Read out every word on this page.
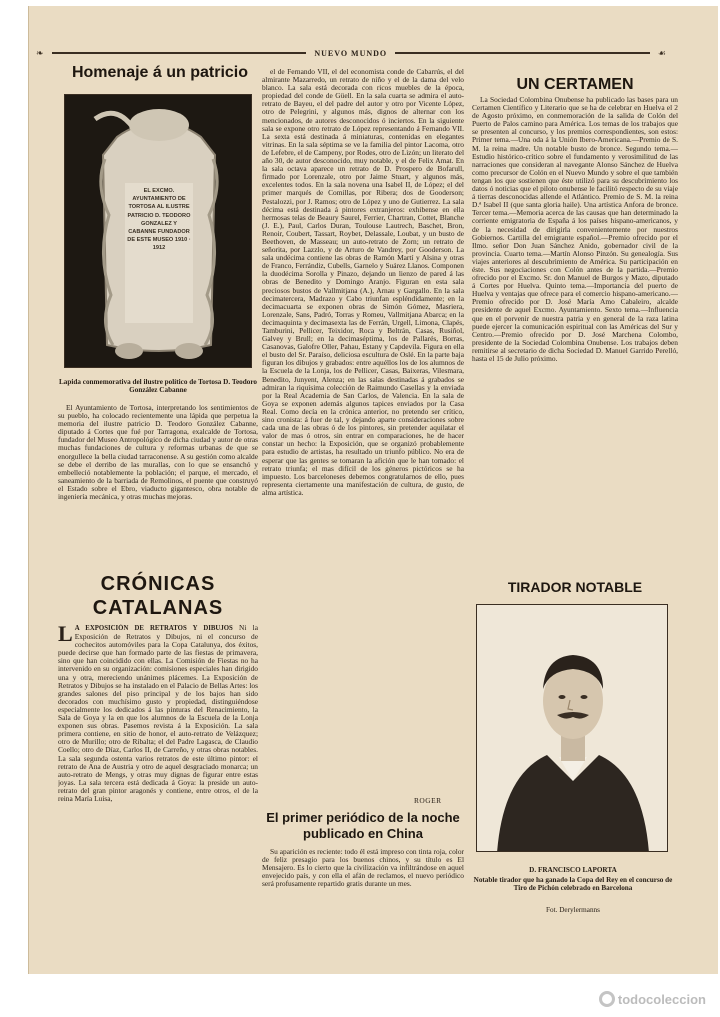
❧	NUEVO MUNDO	☙
Homenaje á un patricio
EL EXCMO. AYUNTAMIENTO DE TORTOSA AL ILUSTRE PATRICIO D. TEODORO GONZALEZ Y CABANNE FUNDADOR DE ESTE MUSEO 1910 · 1912
Lapida conmemorativa del ilustre político de Tortosa D. Teodoro González Cabanne

El Ayuntamiento de Tortosa, interpretando los sentimientos de su pueblo, ha colocado recientemente una lápida que perpetua la memoria del ilustre patricio D. Teodoro González Cabanne, diputado á Cortes que fué por Tarragona, exalcalde de Tortosa, fundador del Museo Antropológico de dicha ciudad y autor de otras muchas fundaciones de cultura y reformas urbanas de que se enorgullece la bella ciudad tarraconense. A su gestión como alcalde se debe el derribo de las murallas, con lo que se ensanchó y embelleció notablemente la población; el parque, el mercado, el saneamiento de la barriada de Remolinos, el puente que construyó el Estado sobre el Ebro, viaducto gigantesco, obra notable de ingeniería mecánica, y otras muchas mejoras.

CRÓNICAS CATALANAS
L A EXPOSICIÓN DE RETRATOS Y DIBUJOS Ni la Exposición de Retratos y Dibujos, ni el concurso de cochecitos automóviles para la Copa Catalunya, dos éxitos, puede decirse que han formado parte de las fiestas de primavera, sino que han coincidido con ellas. La Comisión de Fiestas no ha intervenido en su organización: comisiones especiales han dirigido una y otra, mereciendo unánimes plácemes. La Exposición de Retratos y Dibujos se ha instalado en el Palacio de Bellas Artes: los grandes salones del piso principal y de los bajos han sido decorados con muchísimo gusto y propiedad, distinguiéndose especialmente los dedicados á las pinturas del Renacimiento, la Sala de Goya y la en que los alumnos de la Escuela de la Lonja exponen sus obras. Pasemos revista á la Exposición. La sala primera contiene, en sitio de honor, el auto-retrato de Velázquez; otro de Murillo; otro de Ribalta; el del Padre Lagasca, de Claudio Coello; otro de Díaz, Carlos II, de Carreño, y otras obras notables. La sala segunda ostenta varios retratos de este último pintor: el retrato de Ana de Austria y otro de aquel desgraciado monarca; un auto-retrato de Mengs, y otras muy dignas de figurar entre estas joyas. La sala tercera está dedicada á Goya: la preside un auto-retrato del gran pintor aragonés y contiene, entre otros, el de la reina María Luisa,

el de Fernando VII, el del economista conde de Cabarrús, el del almirante Mazarredo, un retrato de niño y el de la dama del velo blanco. La sala está decorada con ricos muebles de la época, propiedad del conde de Güell. En la sala cuarta se admira el auto-retrato de Bayeu, el del padre del autor y otro por Vicente López, otro de Pelegrini, y algunos más, dignos de alternar con los mencionados, de autores desconocidos ó inciertos. En la siguiente sala se expone otro retrato de López representando á Fernando VII. La sexta está destinada á miniaturas, contenidas en elegantes vitrinas. En la sala séptima se ve la familia del pintor Lacoma, otro de Lefebre, el de Campeny, por Rodes, otro de Lizón; un literato del año 30, de autor desconocido, muy notable, y el de Felix Amat. En la sala octava aparece un retrato de D. Prospero de Bofarull, firmado por Lorenzale, otro por Jaime Stuart, y algunos más, excelentes todos. En la sala novena una Isabel II, de López; el del primer marqués de Comillas, por Ribera; dos de Gooderson; Pestalozzi, por J. Ramos; otro de López y uno de Gutierrez. La sala décima está destinada á pintores extranjeros: exhibense en ella hermosas telas de Beaury Saurel, Ferrier, Chartran, Cottet, Blanche (J. E.), Paul, Carlos Duran, Toulouse Lautrech, Baschet, Bron, Renoir, Coubert, Tassart, Roybet, Delassale, Loubat, y un busto de Beethoven, de Masseau; un auto-retrato de Zorn; un retrato de señorita, por Lazzlo, y de Arturo de Vandrey, por Gooderson. La sala undécima contiene las obras de Ramón Martí y Alsina y otras de Franco, Ferrándiz, Cubells, Garnelo y Suárez Llanos. Componen la duodécima Sorolla y Pinazo, dejando un lienzo de pared á las obras de Benedito y Domingo Aranjo. Figuran en esta sala preciosos bustos de Vallmitjana (A.), Arnau y Gargallo. En la sala decimatercera, Madrazo y Cabo triunfan espléndidamente; en la decimacuarta se exponen obras de Simón Gómez, Masriera, Lorenzale, Sans, Padró, Torras y Romeu, Vallmitjana Abarca; en la decimaquinta y decimasexta las de Ferrán, Urgell, Limona, Clapés, Tamburini, Pellicer, Teixidor, Roca y Beltrán, Casas, Rusiñol, Galvey y Brull; en la decimaséptima, los de Pallarés, Borras, Casanovas, Galofre Oller, Pahau, Estany y Capdevila. Figura en ella el busto del Sr. Paraíso, deliciosa escultura de Oslé. En la parte baja figuran los dibujos y grabados: entre aquéllos los de los alumnos de la Escuela de la Lonja, los de Pellicer, Casas, Baixeras, Vilesmara, Benedito, Junyent, Alenza; en las salas destinadas á grabados se admiran la riquísima colección de Raimundo Casellas y la enviada por la Real Academia de San Carlos, de Valencia. En la sala de Goya se exponen además algunos tapices enviados por la Casa Real. Como decía en la crónica anterior, no pretendo ser crítico, sino cronista: á fuer de tal, y dejando aparte consideraciones sobre cada una de las obras ó de los pintores, sin pretender aquilatar el valor de mas ó otros, sin entrar en comparaciones, he de hacer constar un hecho: la Exposición, que se organizó probablemente para estudio de artistas, ha resultado un triunfo público. No era de esperar que las gentes se tomaran la afición que le han tomado: el retrato triunfa; el mas difícil de los géneros pictóricos se ha impuesto. Los barceloneses debemos congratularnos de ello, pues representa ciertamente una manifestación de cultura, de gusto, de alma artística.

ROGER
El primer periódico de la noche publicado en China

Su aparición es reciente: todo él está impreso con tinta roja, color de feliz presagio para los buenos chinos, y su título es El Mensajero. Es lo cierto que la civilización va infiltrándose en aquel envejecido país, y con ella el afán de reclamos, el nuevo periódico será profusamente repartido gratis durante un mes.

UN CERTAMEN

La Sociedad Colombina Onubense ha publicado las bases para un Certamen Científico y Literario que se ha de celebrar en Huelva el 2 de Agosto próximo, en conmemoración de la salida de Colón del Puerto de Palos camino para América. Los temas de los trabajos que se presenten al concurso, y los premios correspondientes, son estos: Primer tema.—Una oda á la Unión Ibero-Americana.—Premio de S. M. la reina madre. Un notable busto de bronce. Segundo tema.—Estudio histórico-crítico sobre el fundamento y verosimilitud de las narraciones que consideran al navegante Alonso Sánchez de Huelva como precursor de Colón en el Nuevo Mundo y sobre el que también tengan los que sostienen que éste utilizó para su descubrimiento los datos ó noticias que el piloto onubense le facilitó respecto de su viaje á tierras desconocidas allende el Atlántico. Premio de S. M. la reina D.ª Isabel II (que santa gloria haile). Una artística Anfora de bronce. Tercer tema.—Memoria acerca de las causas que han determinado la corriente emigratoria de España á los países hispano-americanos, y de la necesidad de dirigirla convenientemente por nuestros Gobiernos. Cartilla del emigrante español.—Premio ofrecido por el Ilmo. señor Don Juan Sánchez Anido, gobernador civil de la provincia. Cuarto tema.—Martín Alonso Pinzón. Su genealogía. Sus viajes anteriores al descubrimiento de América. Su participación en éste. Sus negociaciones con Colón antes de la partida.—Premio ofrecido por el Excmo. Sr. don Manuel de Burgos y Mazo, diputado á Cortes por Huelva. Quinto tema.—Importancia del puerto de Huelva y ventajas que ofrece para el comercio hispano-americano.—Premio ofrecido por D. José María Amo Cabaleiro, alcalde presidente de aquel Excmo. Ayuntamiento. Sexto tema.—Influencia que en el porvenir de nuestra patria y en general de la raza latina puede ejercer la comunicación espiritual con las Américas del Sur y Centro.—Premio ofrecido por D. José Marchena Colombo, presidente de la Sociedad Colombina Onubense. Los trabajos deben remitirse al secretario de dicha Sociedad D. Manuel Garrido Perelló, hasta el 15 de Julio próximo.

TIRADOR NOTABLE
D. FRANCISCO LAPORTA
Notable tirador que ha ganado la Copa del Rey en el concurso de Tiro de Pichón celebrado en Barcelona
Fot. Derylermanns
todocoleccion
